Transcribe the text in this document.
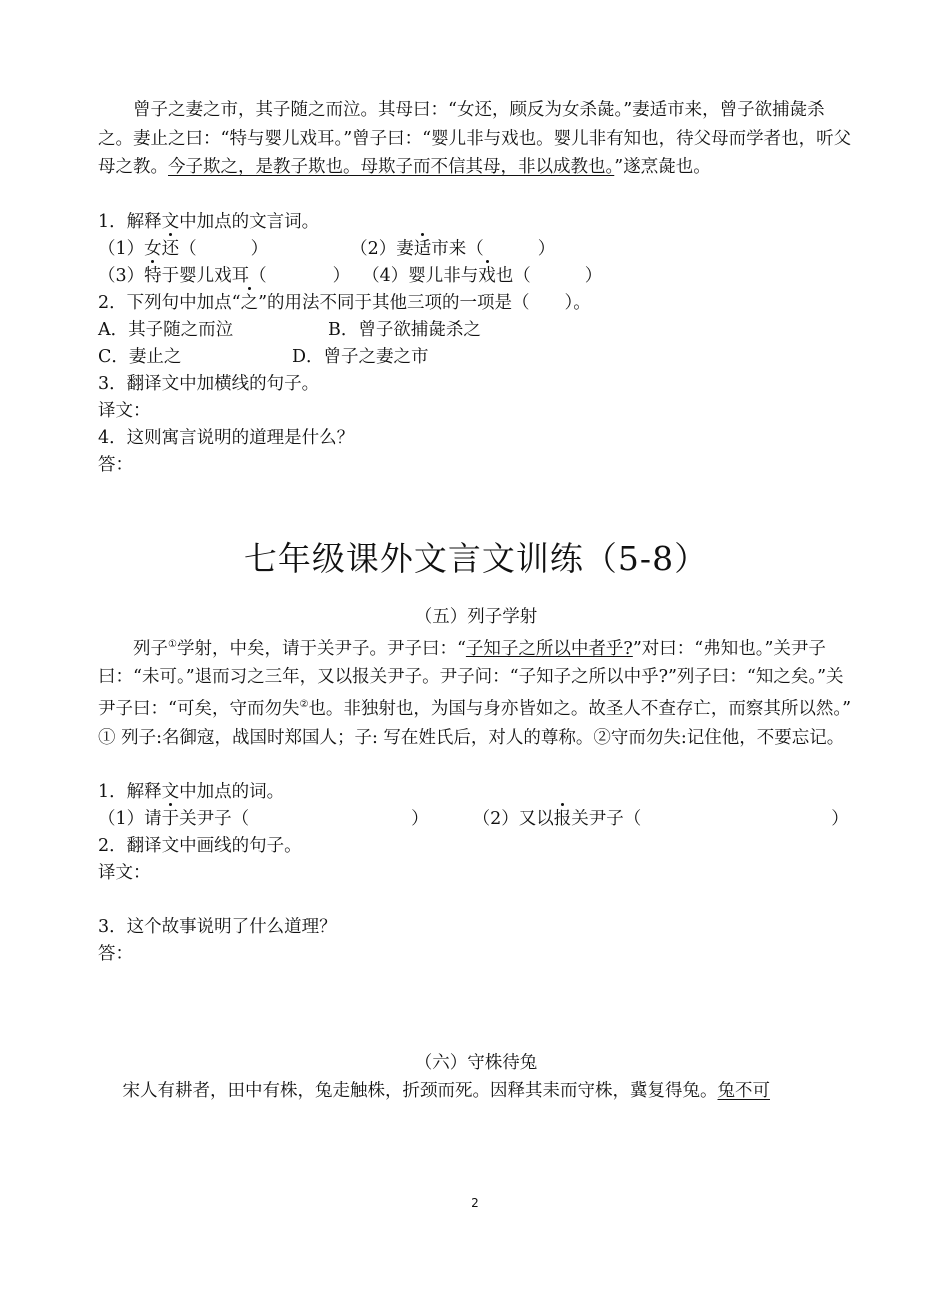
曾子之妻之市，其子随之而泣。其母曰：“女还，顾反为女杀彘。”妻适市来，曾子欲捕彘杀之。妻止之曰：“特与婴儿戏耳。”曾子曰：“婴儿非与戏也。婴儿非有知也，待父母而学者也，听父母之教。今子欺之，是教子欺也。母欺子而不信其母，非以成教也。”遂烹彘也。

1．解释文中加点的文言词。

（1）女还（	）	（2）妻适市来（	）

（3）特于婴儿戏耳（	） （4）婴儿非与戏也（	）

2．下列句中加点“之”的用法不同于其他三项的一项是（　　）。

A．其子随之而泣	B．曾子欲捕彘杀之

C．妻止之	D．曾子之妻之市

3．翻译文中加横线的句子。

译文：

4．这则寓言说明的道理是什么？

答：

七年级课外文言文训练（5-8）

（五）列子学射

列子①学射，中矣，请于关尹子。尹子曰：“子知子之所以中者乎?”对曰：“弗知也。”关尹子曰：“未可。”退而习之三年，又以报关尹子。尹子问：“子知子之所以中乎?”列子曰：“知之矣。”关尹子曰：“可矣，守而勿失②也。非独射也，为国与身亦皆如之。故圣人不查存亡，而察其所以然。”

① 列子:名御寇，战国时郑国人；子: 写在姓氏后，对人的尊称。②守而勿失:记住他，不要忘记。

1．解释文中加点的词。

（1）请于关尹子（	）	（2）又以报关尹子（	）

2．翻译文中画线的句子。

译文：

3．这个故事说明了什么道理？

答：

（六）守株待兔

宋人有耕者，田中有株，兔走触株，折颈而死。因释其耒而守株，冀复得兔。兔不可

2
